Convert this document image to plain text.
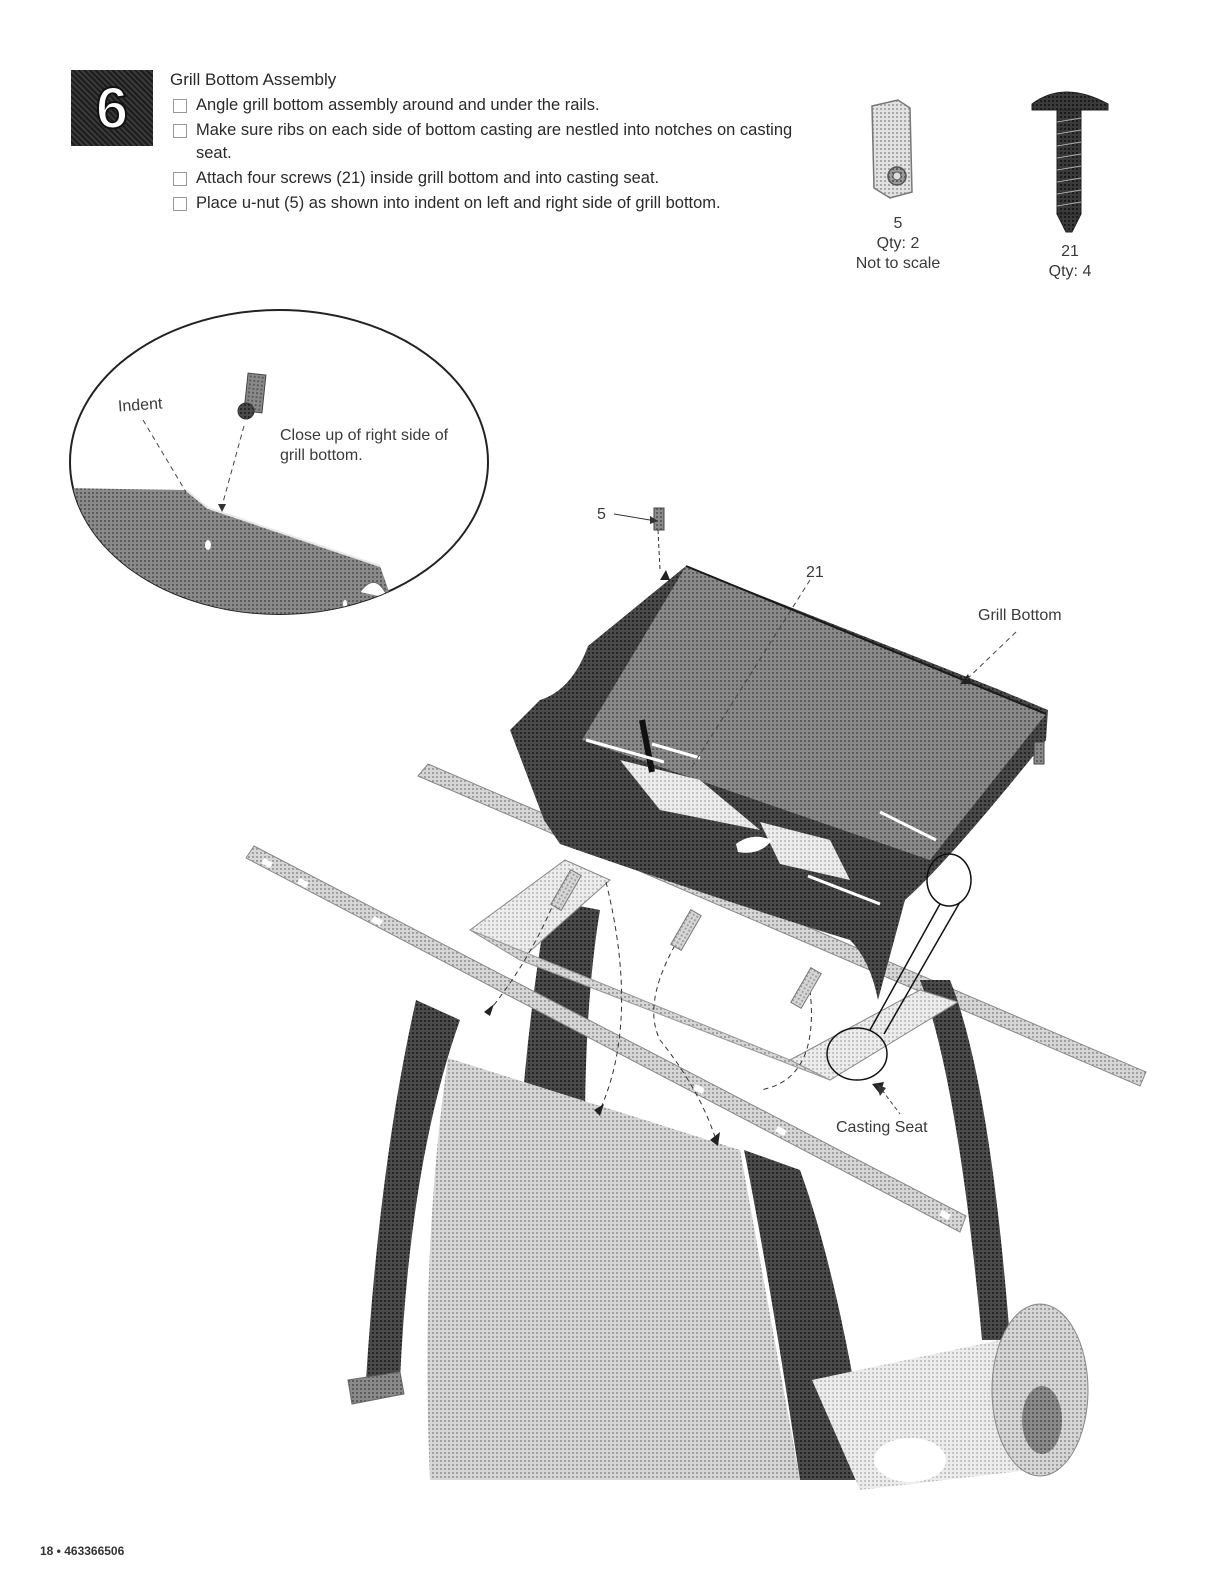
6	Grill Bottom Assembly
Angle grill bottom assembly around and under the rails.
Make sure ribs on each side of bottom casting are nestled into notches on casting seat.
Attach four screws (21) inside grill bottom and into casting seat.
Place u-nut (5) as shown into indent on left and right side of grill bottom.
5
Qty: 2
Not to scale
21
Qty: 4
Indent
Close up of right side of grill bottom.
5
21
Grill Bottom
Casting Seat
18 • 463366506
